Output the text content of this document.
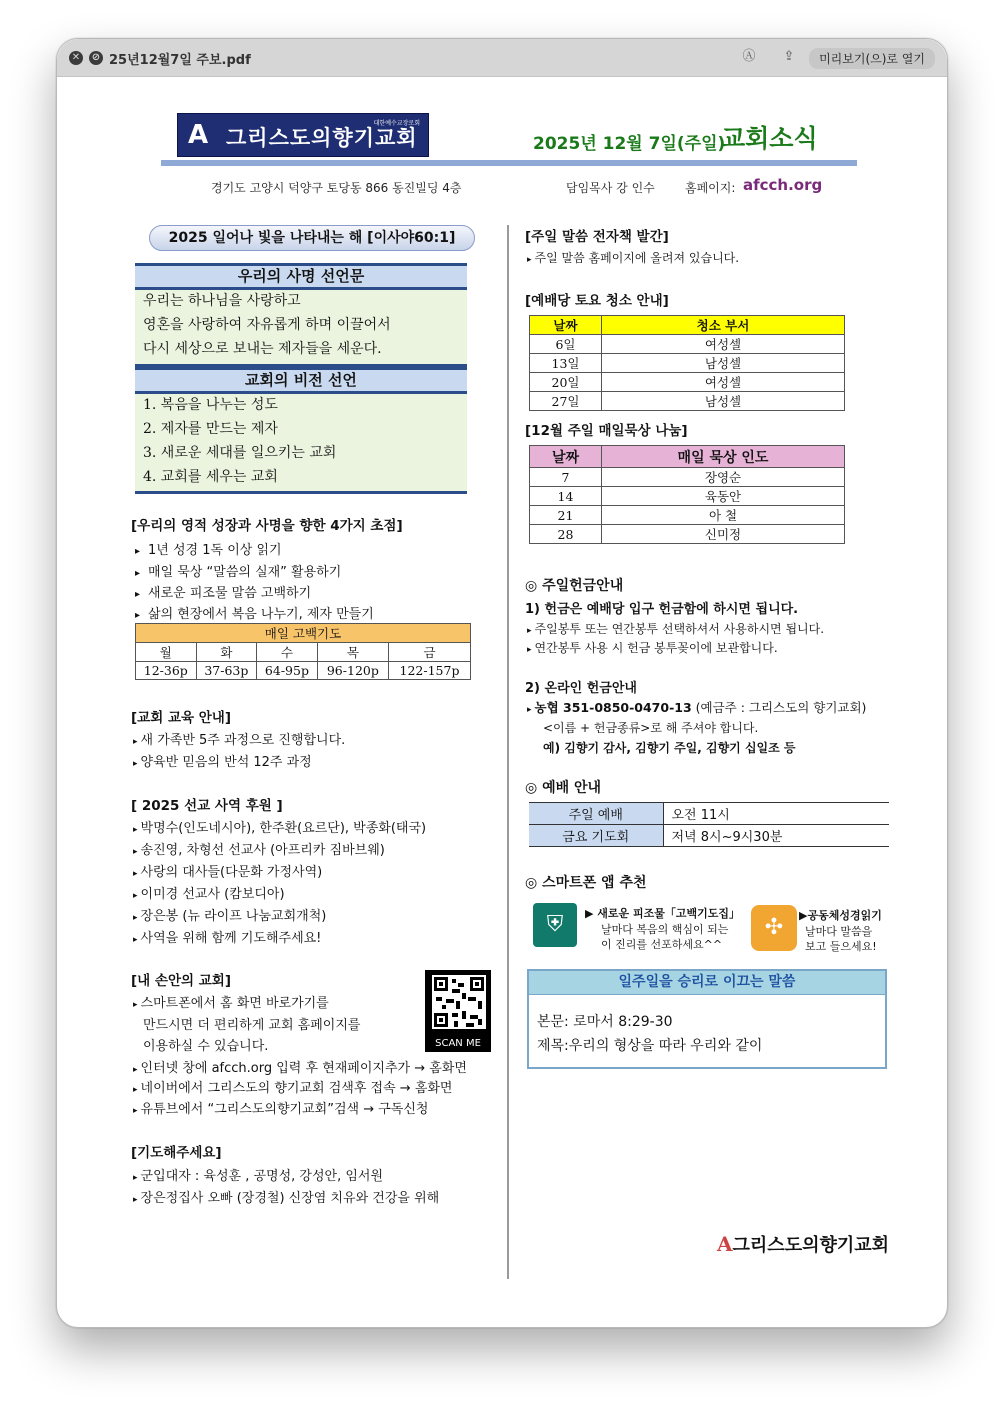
✕ ⊘ 25년12월7일 주보.pdf	Ⓐ ⇪	미리보기(으)로 열기
A 그리스도의향기교회
대한예수교장로회
2025년 12월 7일(주일)
교회소식
경기도 고양시 덕양구 토당동 866 동진빌딩 4층	담임목사 강 인수	홈페이지: afcch.org
2025 일어나 빛을 나타내는 해 [이사야60:1]
우리의 사명 선언문
우리는 하나님을 사랑하고
영혼을 사랑하여 자유롭게 하며 이끌어서
다시 세상으로 보내는 제자들을 세운다.
교회의 비전 선언
1. 복음을 나누는 성도
2. 제자를 만드는 제자
3. 새로운 세대를 일으키는 교회
4. 교회를 세우는 교회
[우리의 영적 성장과 사명을 향한 4가지 초점]
▸ 1년 성경 1독 이상 읽기
▸ 매일 묵상 “말씀의 실재” 활용하기
▸ 새로운 피조물 말씀 고백하기
▸ 삶의 현장에서 복음 나누기, 제자 만들기
매일 고백기도				
월	화	수	목	금
12-36p	37-63p	64-95p	96-120p	122-157p
[교회 교육 안내]
▸ 새 가족반 5주 과정으로 진행합니다.
▸ 양육반 믿음의 반석 12주 과정
[ 2025 선교 사역 후원 ]
▸ 박명수(인도네시아), 한주환(요르단), 박종화(태국)
▸ 송진영, 차형선 선교사 (아프리카 짐바브웨)
▸ 사랑의 대사들(다문화 가정사역)
▸ 이미경 선교사 (캄보디아)
▸ 장은봉 (뉴 라이프 나눔교회개척)
▸ 사역을 위해 함께 기도해주세요!
[내 손안의 교회]
▸ 스마트폰에서 홈 화면 바로가기를
만드시면 더 편리하게 교회 홈페이지를
이용하실 수 있습니다.	SCAN ME
▸ 인터넷 창에 afcch.org 입력 후 현재페이지추가 → 홈화면
▸ 네이버에서 그리스도의 향기교회 검색후 접속 → 홈화면
▸ 유튜브에서 “그리스도의향기교회”검색 → 구독신청
[기도해주세요]
▸ 군입대자 : 육성훈 , 공명성, 강성안, 임서원
▸ 장은정집사 오빠 (장경철) 신장염 치유와 건강을 위해
[주일 말씀 전자책 발간]
▸ 주일 말씀 홈페이지에 올려져 있습니다.
[예배당 토요 청소 안내]
날짜	청소 부서
6일	여성셀
13일	남성셀
20일	여성셀
27일	남성셀
[12월 주일 매일묵상 나눔]
날짜	매일 묵상 인도
7	장영순
14	육동안
21	아 철
28	신미정
◎ 주일헌금안내
1) 헌금은 예배당 입구 헌금함에 하시면 됩니다.
▸ 주일봉투 또는 연간봉투 선택하셔서 사용하시면 됩니다.
▸ 연간봉투 사용 시 헌금 봉투꽂이에 보관합니다.
2) 온라인 헌금안내
▸ 농협 351-0850-0470-13 (예금주 : 그리스도의 향기교회)
<이름 + 헌금종류>로 해 주셔야 합니다.
예) 김향기 감사, 김향기 주일, 김향기 십일조 등
◎ 예배 안내
주일 예배	오전 11시
금요 기도회	저녁 8시~9시30분
◎ 스마트폰 앱 추천
⛨	▶ 새로운 피조물「고백기도집」
날마다 복음의 핵심이 되는
이 진리를 선포하세요^^
✣	▶공동체성경읽기
날마다 말씀을
보고 들으세요!
일주일을 승리로 이끄는 말씀
본문: 로마서 8:29-30
제목:우리의 형상을 따라 우리와 같이
A그리스도의향기교회
